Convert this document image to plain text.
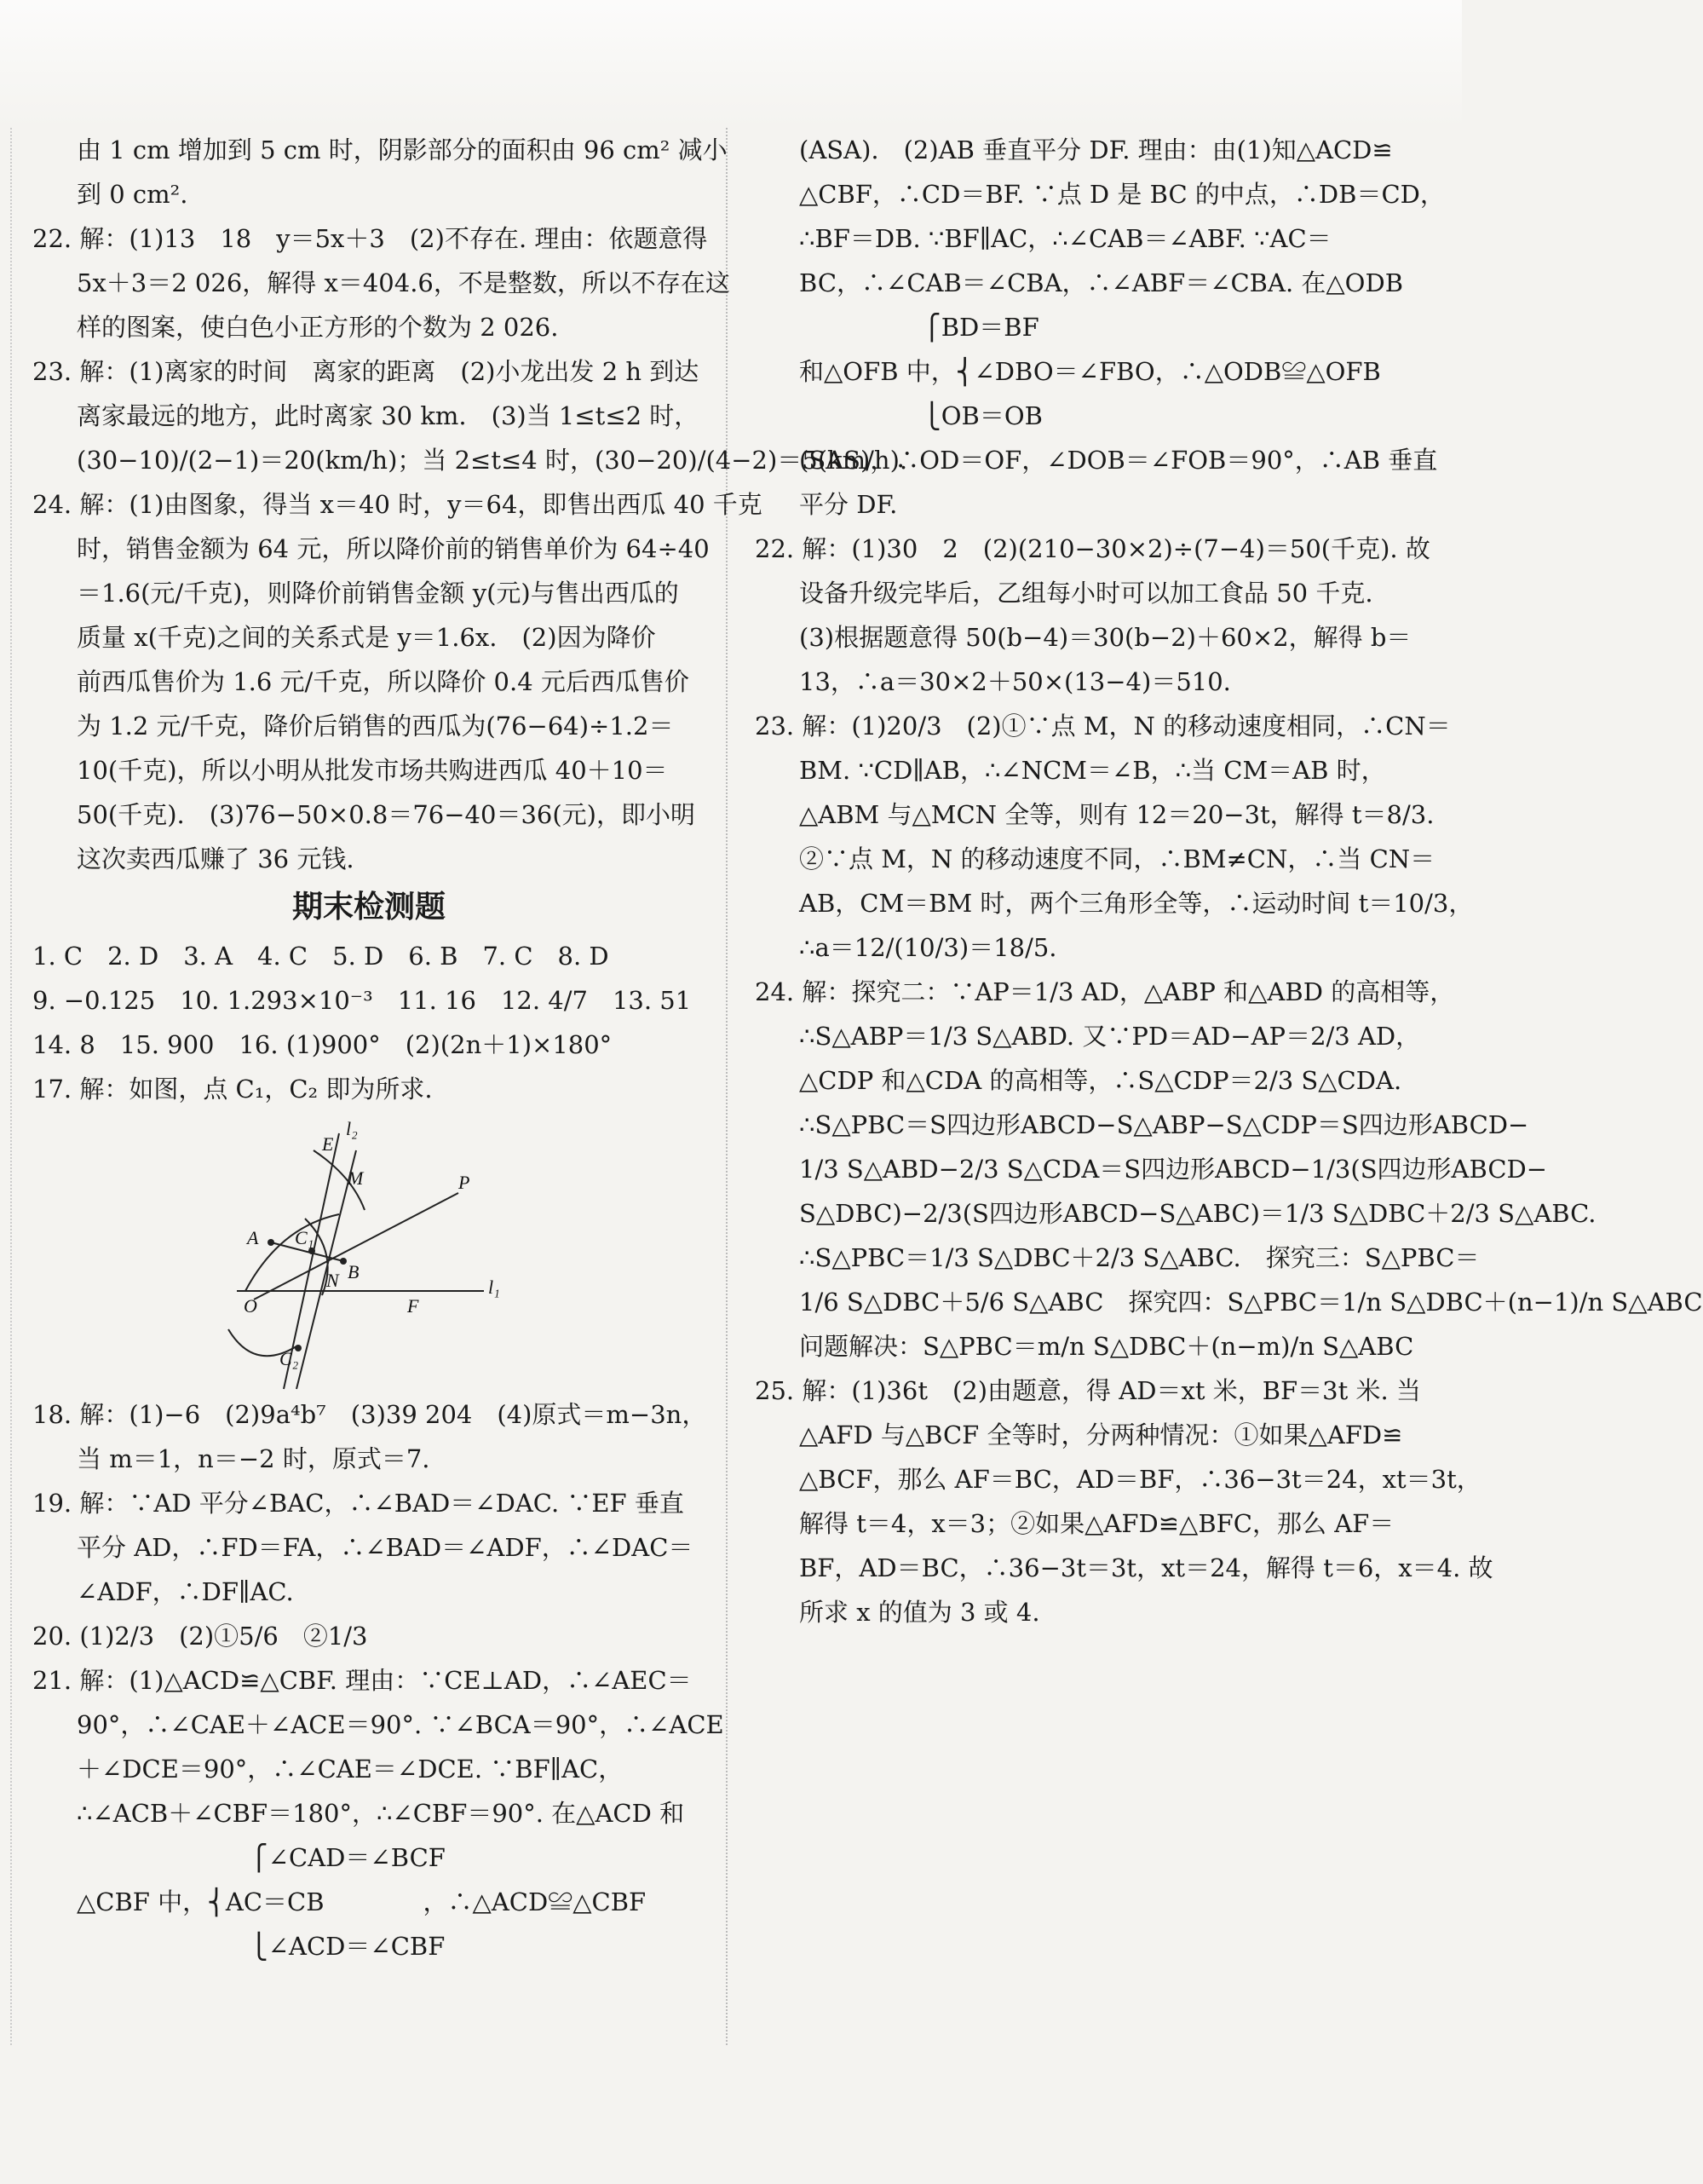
由 1 cm 增加到 5 cm 时，阴影部分的面积由 96 cm² 减小
到 0 cm².
22. 解：(1)13　18　y＝5x＋3　(2)不存在. 理由：依题意得
5x＋3＝2 026，解得 x＝404.6，不是整数，所以不存在这
样的图案，使白色小正方形的个数为 2 026.
23. 解：(1)离家的时间　离家的距离　(2)小龙出发 2 h 到达
离家最远的地方，此时离家 30 km.　(3)当 1≤t≤2 时，
(30−10)/(2−1)＝20(km/h)；当 2≤t≤4 时，(30−20)/(4−2)＝5(km/h).
24. 解：(1)由图象，得当 x＝40 时，y＝64，即售出西瓜 40 千克
时，销售金额为 64 元，所以降价前的销售单价为 64÷40
＝1.6(元/千克)，则降价前销售金额 y(元)与售出西瓜的
质量 x(千克)之间的关系式是 y＝1.6x.　(2)因为降价
前西瓜售价为 1.6 元/千克，所以降价 0.4 元后西瓜售价
为 1.2 元/千克，降价后销售的西瓜为(76−64)÷1.2＝
10(千克)，所以小明从批发市场共购进西瓜 40＋10＝
50(千克).　(3)76−50×0.8＝76−40＝36(元)，即小明
这次卖西瓜赚了 36 元钱.
期末检测题
1. C　2. D　3. A　4. C　5. D　6. B　7. C　8. D
9. −0.125　10. 1.293×10⁻³　11. 16　12. 4/7　13. 51
14. 8　15. 900　16. (1)900°　(2)(2n＋1)×180°
17. 解：如图，点 C₁，C₂ 即为所求.
E
l₂
M
A
P
C₁
B
N
O	F
l₁
C₂
18. 解：(1)−6　(2)9a⁴b⁷　(3)39 204　(4)原式＝m−3n，
当 m＝1，n＝−2 时，原式＝7.
19. 解：∵AD 平分∠BAC，∴∠BAD＝∠DAC. ∵EF 垂直
平分 AD，∴FD＝FA，∴∠BAD＝∠ADF，∴∠DAC＝
∠ADF，∴DF∥AC.
20. (1)2/3　(2)①5/6　②1/3
21. 解：(1)△ACD≌△CBF. 理由：∵CE⊥AD，∴∠AEC＝
90°，∴∠CAE＋∠ACE＝90°. ∵∠BCA＝90°，∴∠ACE
＋∠DCE＝90°，∴∠CAE＝∠DCE. ∵BF∥AC，
∴∠ACB＋∠CBF＝180°，∴∠CBF＝90°. 在△ACD 和
　　　　　　　⎧∠CAD＝∠BCF
△CBF 中，⎨AC＝CB　　　　，∴△ACD≌△CBF
　　　　　　　⎩∠ACD＝∠CBF
(ASA).　(2)AB 垂直平分 DF. 理由：由(1)知△ACD≌
△CBF，∴CD＝BF. ∵点 D 是 BC 的中点，∴DB＝CD，
∴BF＝DB. ∵BF∥AC，∴∠CAB＝∠ABF. ∵AC＝
BC，∴∠CAB＝∠CBA，∴∠ABF＝∠CBA. 在△ODB
　　　　　⎧BD＝BF
和△OFB 中，⎨∠DBO＝∠FBO，∴△ODB≌△OFB
　　　　　⎩OB＝OB
(SAS)，∴OD＝OF，∠DOB＝∠FOB＝90°，∴AB 垂直
平分 DF.
22. 解：(1)30　2　(2)(210−30×2)÷(7−4)＝50(千克). 故
设备升级完毕后，乙组每小时可以加工食品 50 千克.
(3)根据题意得 50(b−4)＝30(b−2)＋60×2，解得 b＝
13，∴a＝30×2＋50×(13−4)＝510.
23. 解：(1)20/3　(2)①∵点 M，N 的移动速度相同，∴CN＝
BM. ∵CD∥AB，∴∠NCM＝∠B，∴当 CM＝AB 时，
△ABM 与△MCN 全等，则有 12＝20−3t，解得 t＝8/3.
②∵点 M，N 的移动速度不同，∴BM≠CN，∴当 CN＝
AB，CM＝BM 时，两个三角形全等，∴运动时间 t＝10/3，
∴a＝12/(10/3)＝18/5.
24. 解：探究二：∵AP＝1/3 AD，△ABP 和△ABD 的高相等，
∴S△ABP＝1/3 S△ABD. 又∵PD＝AD−AP＝2/3 AD，
△CDP 和△CDA 的高相等，∴S△CDP＝2/3 S△CDA.
∴S△PBC＝S四边形ABCD−S△ABP−S△CDP＝S四边形ABCD−
1/3 S△ABD−2/3 S△CDA＝S四边形ABCD−1/3(S四边形ABCD−
S△DBC)−2/3(S四边形ABCD−S△ABC)＝1/3 S△DBC＋2/3 S△ABC.
∴S△PBC＝1/3 S△DBC＋2/3 S△ABC.　探究三：S△PBC＝
1/6 S△DBC＋5/6 S△ABC　探究四：S△PBC＝1/n S△DBC＋(n−1)/n S△ABC
问题解决：S△PBC＝m/n S△DBC＋(n−m)/n S△ABC
25. 解：(1)36t　(2)由题意，得 AD＝xt 米，BF＝3t 米. 当
△AFD 与△BCF 全等时，分两种情况：①如果△AFD≌
△BCF，那么 AF＝BC，AD＝BF，∴36−3t＝24，xt＝3t，
解得 t＝4，x＝3；②如果△AFD≌△BFC，那么 AF＝
BF，AD＝BC，∴36−3t＝3t，xt＝24，解得 t＝6，x＝4. 故
所求 x 的值为 3 或 4.
